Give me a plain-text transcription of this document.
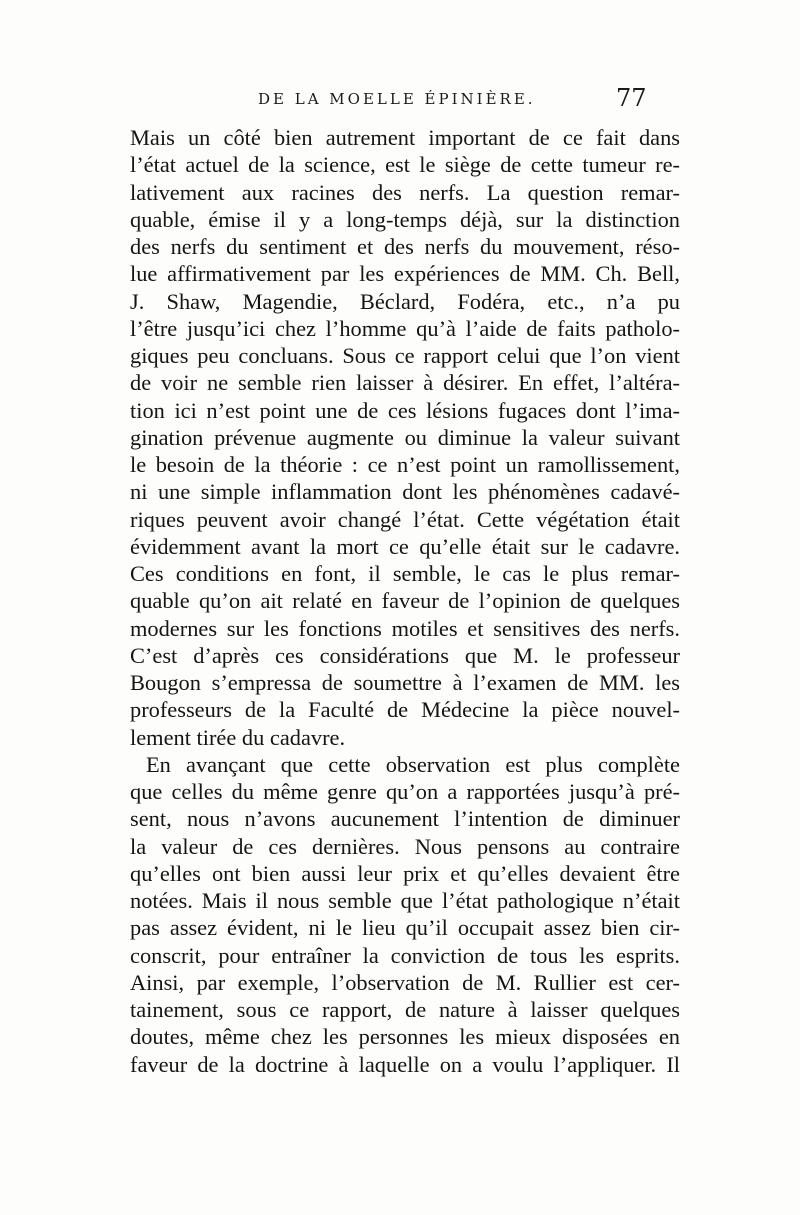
DE LA MOELLE ÉPINIÈRE.	77
Mais un côté bien autrement important de ce fait dans
l’état actuel de la science, est le siège de cette tumeur re-
lativement aux racines des nerfs. La question remar-
quable, émise il y a long-temps déjà, sur la distinction
des nerfs du sentiment et des nerfs du mouvement, réso-
lue affirmativement par les expériences de MM. Ch. Bell,
J. Shaw, Magendie, Béclard, Fodéra, etc., n’a pu
l’être jusqu’ici chez l’homme qu’à l’aide de faits patholo-
giques peu concluans. Sous ce rapport celui que l’on vient
de voir ne semble rien laisser à désirer. En effet, l’altéra-
tion ici n’est point une de ces lésions fugaces dont l’ima-
gination prévenue augmente ou diminue la valeur suivant
le besoin de la théorie : ce n’est point un ramollissement,
ni une simple inflammation dont les phénomènes cadavé-
riques peuvent avoir changé l’état. Cette végétation était
évidemment avant la mort ce qu’elle était sur le cadavre.
Ces conditions en font, il semble, le cas le plus remar-
quable qu’on ait relaté en faveur de l’opinion de quelques
modernes sur les fonctions motiles et sensitives des nerfs.
C’est d’après ces considérations que M. le professeur
Bougon s’empressa de soumettre à l’examen de MM. les
professeurs de la Faculté de Médecine la pièce nouvel-
lement tirée du cadavre.
En avançant que cette observation est plus complète
que celles du même genre qu’on a rapportées jusqu’à pré-
sent, nous n’avons aucunement l’intention de diminuer
la valeur de ces dernières. Nous pensons au contraire
qu’elles ont bien aussi leur prix et qu’elles devaient être
notées. Mais il nous semble que l’état pathologique n’était
pas assez évident, ni le lieu qu’il occupait assez bien cir-
conscrit, pour entraîner la conviction de tous les esprits.
Ainsi, par exemple, l’observation de M. Rullier est cer-
tainement, sous ce rapport, de nature à laisser quelques
doutes, même chez les personnes les mieux disposées en
faveur de la doctrine à laquelle on a voulu l’appliquer. Il
